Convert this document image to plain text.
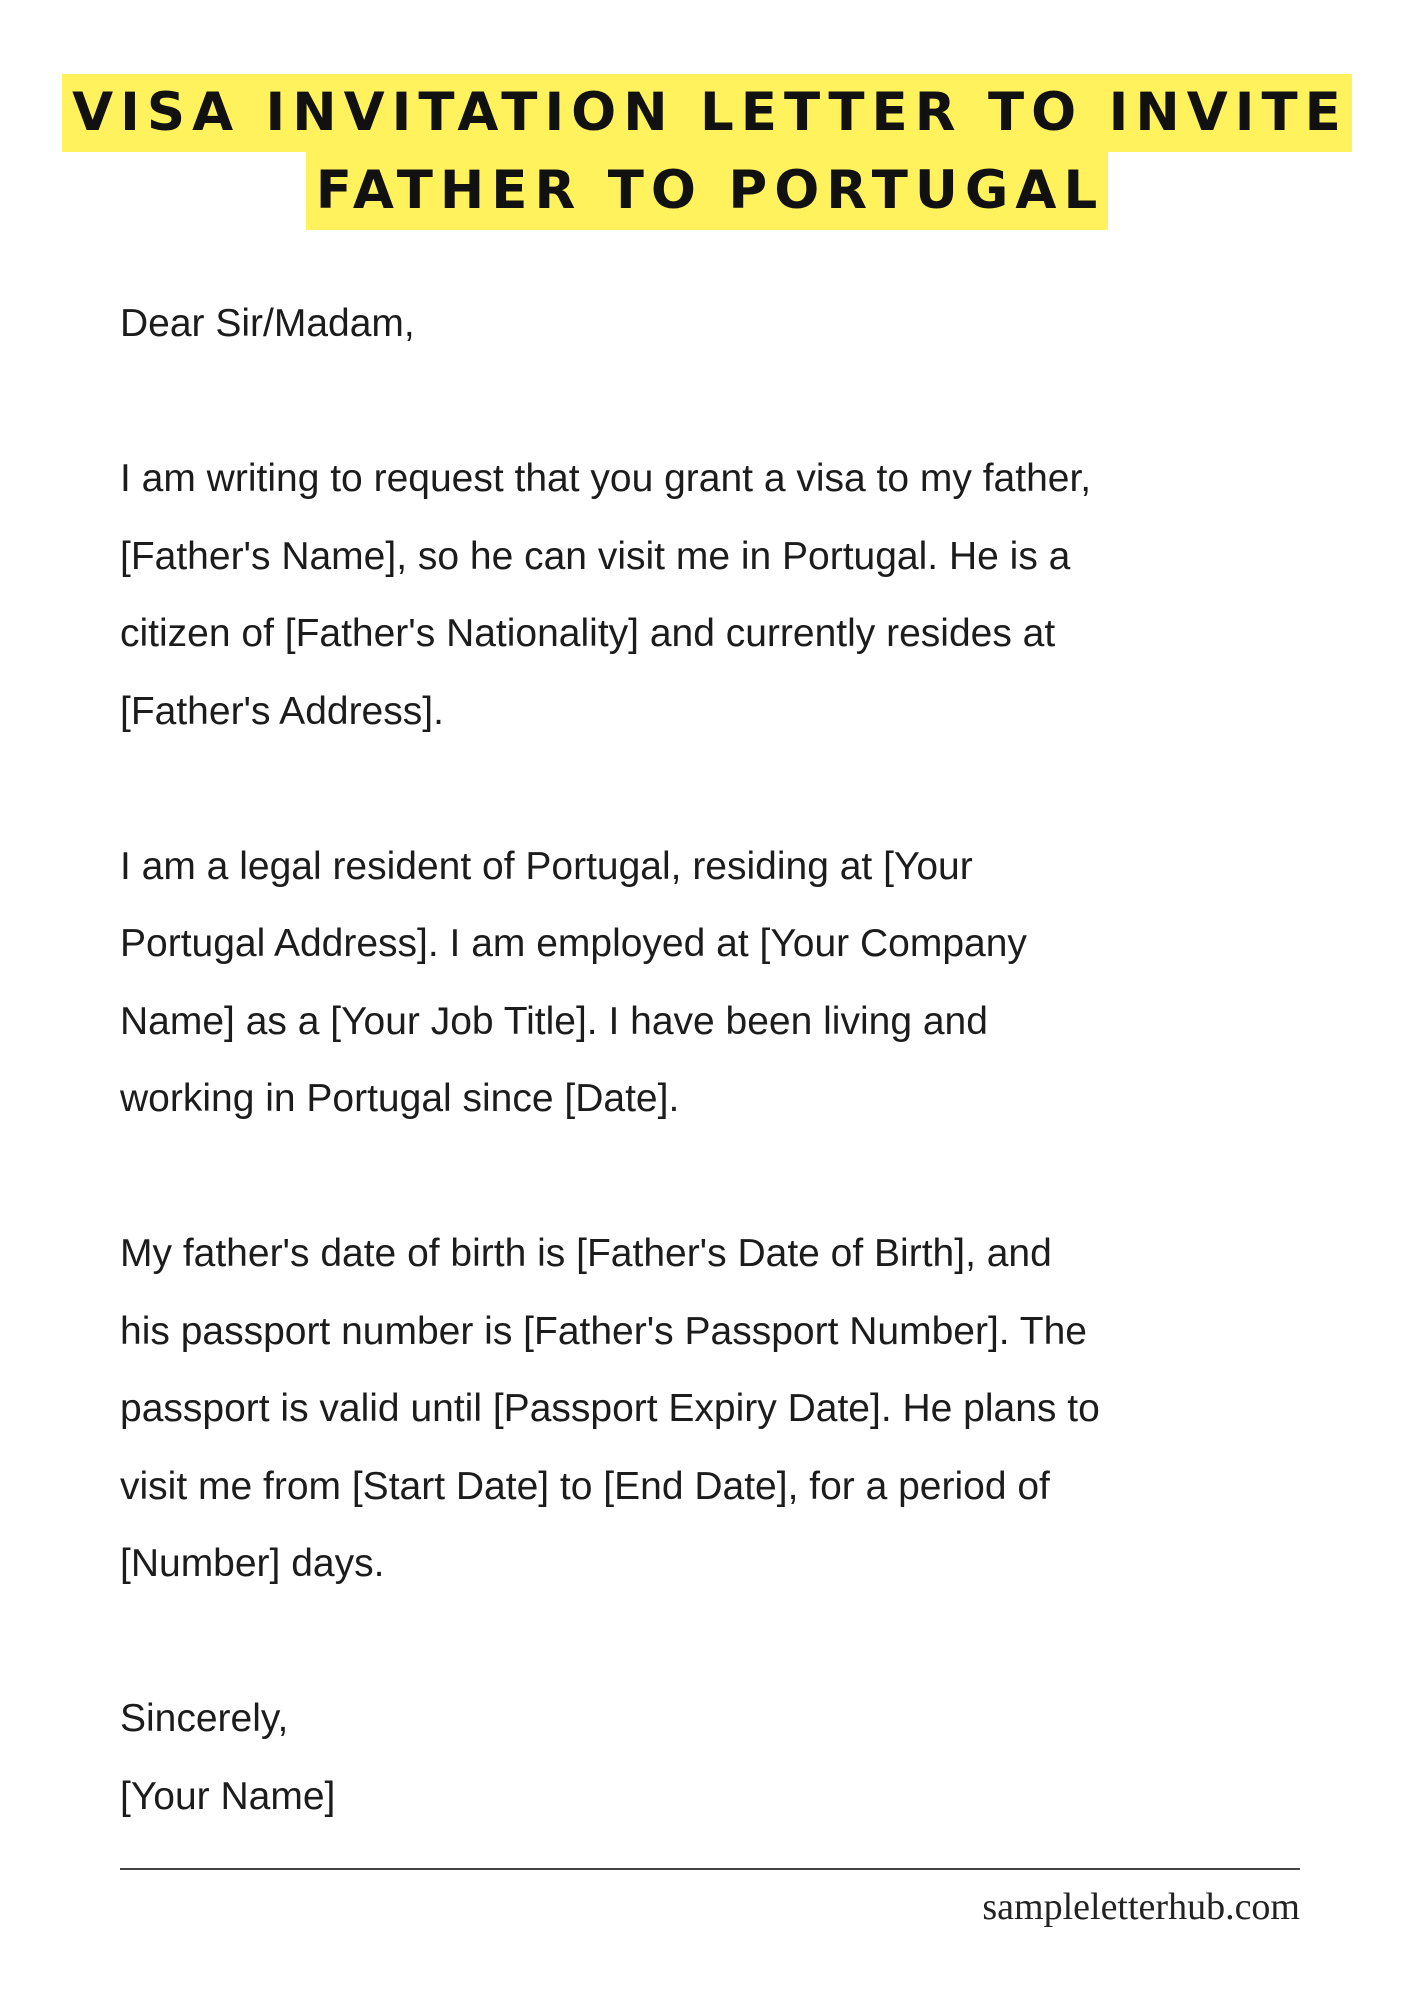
VISA INVITATION LETTER TO INVITE
FATHER TO PORTUGAL

Dear Sir/Madam,

I am writing to request that you grant a visa to my father,

[Father's Name], so he can visit me in Portugal. He is a

citizen of [Father's Nationality] and currently resides at

[Father's Address].

I am a legal resident of Portugal, residing at [Your

Portugal Address]. I am employed at [Your Company

Name] as a [Your Job Title]. I have been living and

working in Portugal since [Date].

My father's date of birth is [Father's Date of Birth], and

his passport number is [Father's Passport Number]. The

passport is valid until [Passport Expiry Date]. He plans to

visit me from [Start Date] to [End Date], for a period of

[Number] days.

Sincerely,

[Your Name]

sampleletterhub.com
